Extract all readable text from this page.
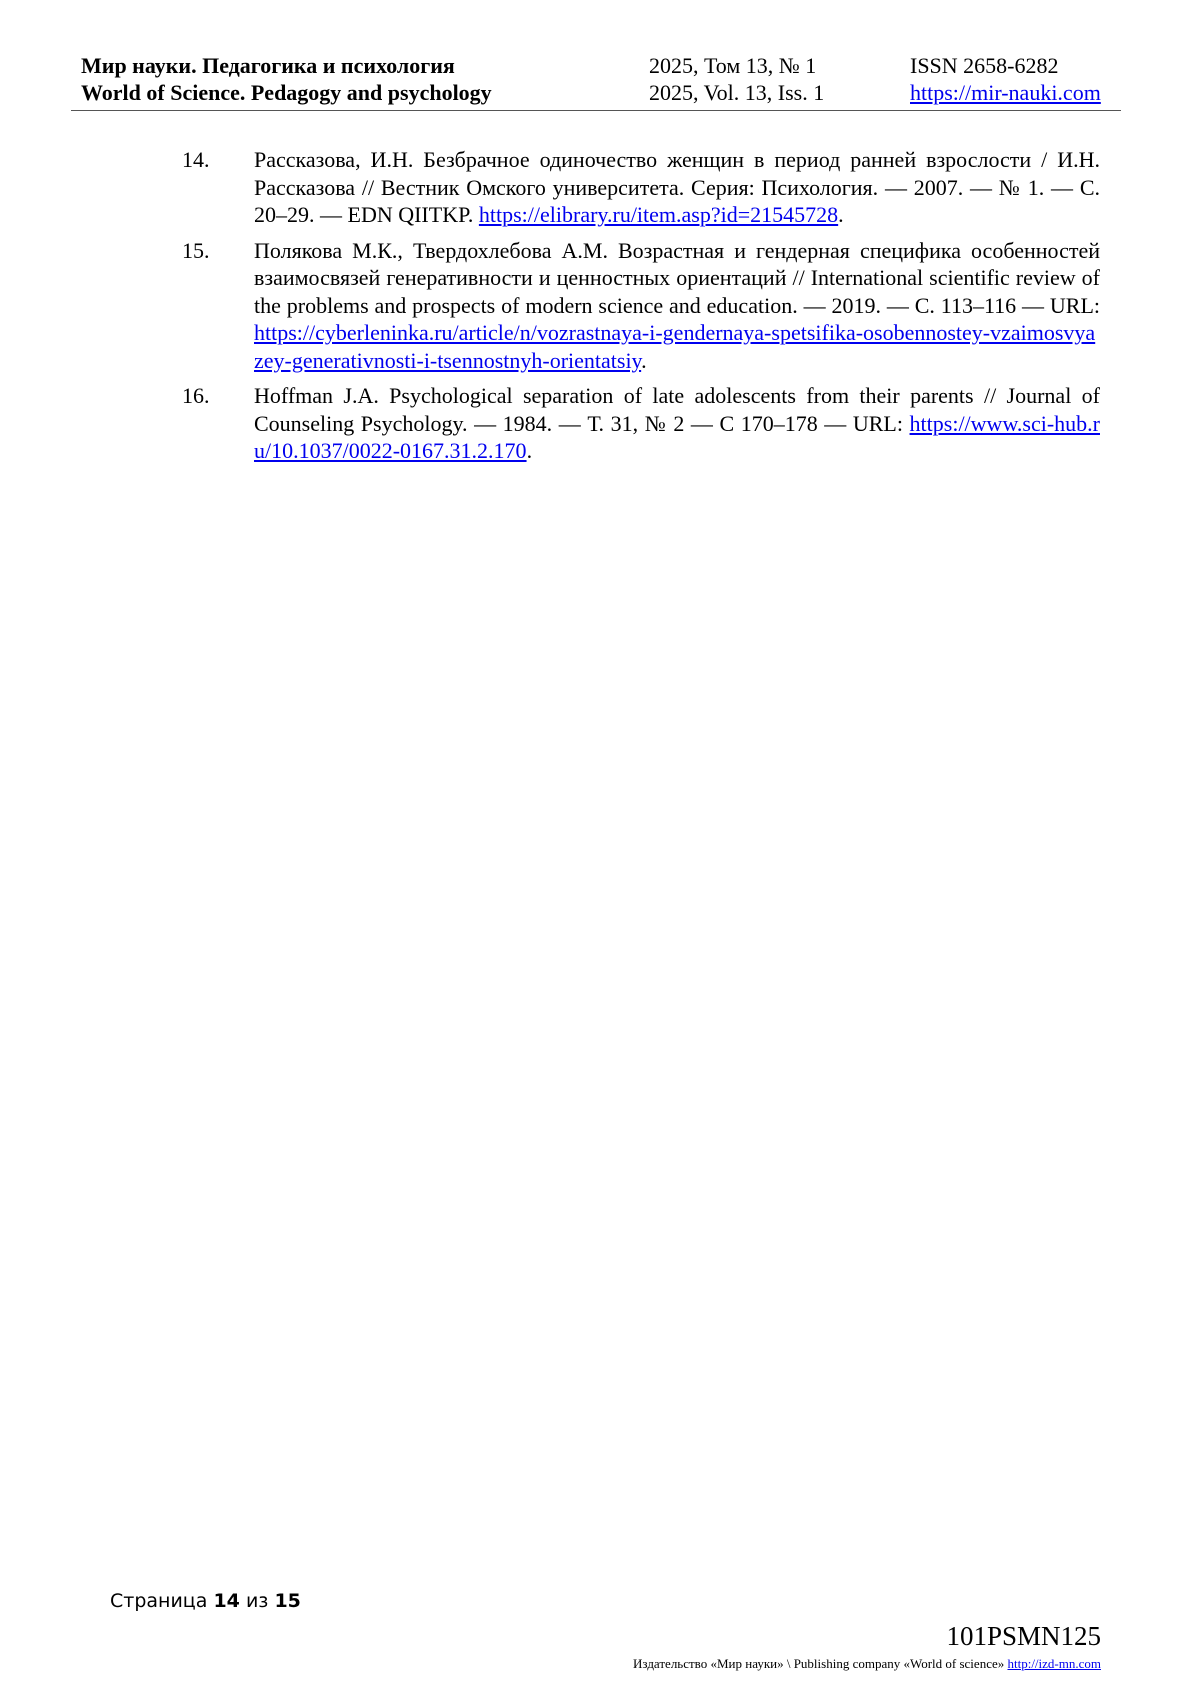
Мир науки. Педагогика и психология
World of Science. Pedagogy and psychology
2025, Том 13, № 1
2025, Vol. 13, Iss. 1
ISSN 2658-6282
https://mir-nauki.com
14. Рассказова, И.Н. Безбрачное одиночество женщин в период ранней взрослости / И.Н. Рассказова // Вестник Омского университета. Серия: Психология. — 2007. — № 1. — С. 20–29. — EDN QIITKP. https://elibrary.ru/item.asp?id=21545728.
15. Полякова М.К., Твердохлебова А.М. Возрастная и гендерная специфика особенностей взаимосвязей генеративности и ценностных ориентаций // International scientific review of the problems and prospects of modern science and education. — 2019. — С. 113–116 — URL: https://cyberleninka.ru/article/n/vozrastnaya-i-gendernaya-spetsifika-osobennostey-vzaimosvyazey-generativnosti-i-tsennostnyh-orientatsiy.
16. Hoffman J.A. Psychological separation of late adolescents from their parents // Journal of Counseling Psychology. — 1984. — Т. 31, № 2 — С 170–178 — URL: https://www.sci-hub.ru/10.1037/0022-0167.31.2.170.
Страница 14 из 15
101PSMN125
Издательство «Мир науки» \ Publishing company «World of science» http://izd-mn.com
